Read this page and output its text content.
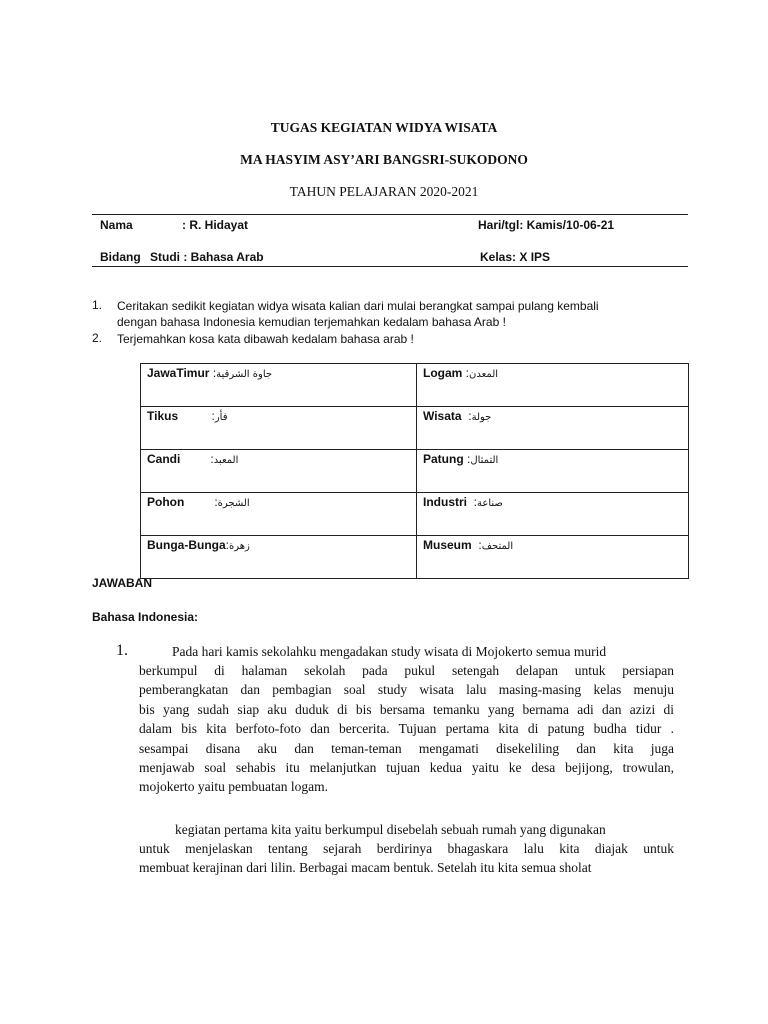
TUGAS KEGIATAN WIDYA WISATA
MA HASYIM ASY’ARI BANGSRI-SUKODONO
TAHUN PELAJARAN 2020-2021
Nama	: R. Hidayat	Hari/tgl: Kamis/10-06-21
Bidang Studi : Bahasa Arab	Kelas: X IPS
1. Ceritakan sedikit kegiatan widya wisata kalian dari mulai berangkat sampai pulang kembali
dengan bahasa Indonesia kemudian terjemahkan kedalam bahasa Arab !
2. Terjemahkan kosa kata dibawah kedalam bahasa arab !
JawaTimur :جاوة الشرقية	Logam :المعدن
Tikus          :فأر	Wisata  :جولة
Candi         :المعبد	Patung :التمثال
Pohon         :الشجرة	Industri  :صناعة
Bunga-Bunga:زهرة	Museum  :المتحف
JAWABAN
Bahasa Indonesia:
1.	Pada hari kamis sekolahku mengadakan study wisata di Mojokerto semua murid
berkumpul di halaman sekolah pada pukul setengah delapan untuk persiapan
pemberangkatan dan pembagian soal study wisata lalu masing-masing kelas menuju
bis yang sudah siap aku duduk di bis bersama temanku yang bernama adi dan azizi di
dalam bis kita berfoto-foto dan bercerita. Tujuan pertama kita di patung budha tidur .
sesampai disana aku dan teman-teman mengamati disekeliling dan kita juga
menjawab soal sehabis itu melanjutkan tujuan kedua yaitu ke desa bejijong, trowulan,
mojokerto yaitu pembuatan logam.
kegiatan pertama kita yaitu berkumpul disebelah sebuah rumah yang digunakan
untuk menjelaskan tentang sejarah berdirinya bhagaskara lalu kita diajak untuk
membuat kerajinan dari lilin. Berbagai macam bentuk. Setelah itu kita semua sholat
